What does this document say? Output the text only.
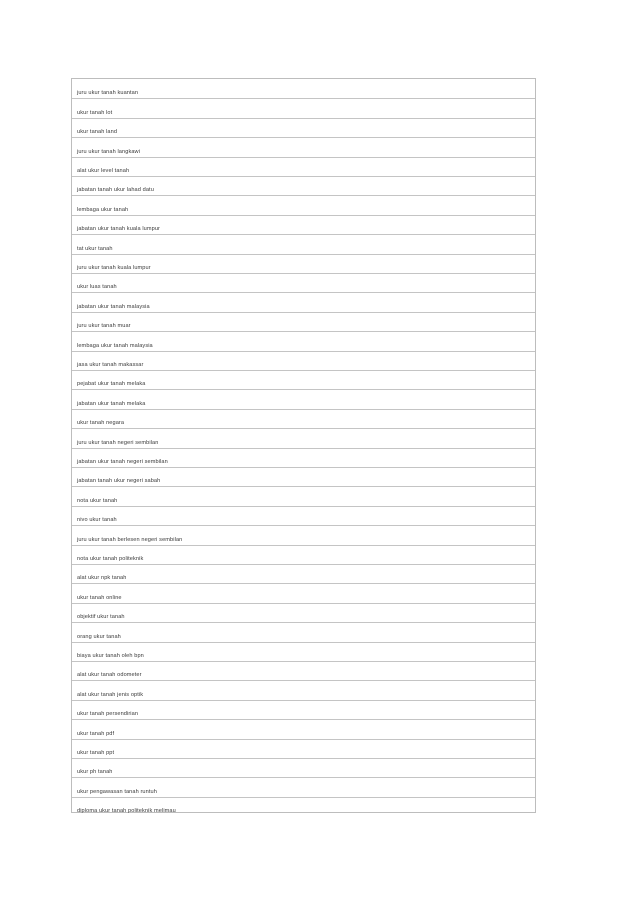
juru ukur tanah kuantan
ukur tanah lot
ukur tanah land
juru ukur tanah langkawi
alat ukur level tanah
jabatan tanah ukur lahad datu
lembaga ukur tanah
jabatan ukur tanah kuala lumpur
tat ukur tanah
juru ukur tanah kuala lumpur
ukur luas tanah
jabatan ukur tanah malaysia
juru ukur tanah muar
lembaga ukur tanah malaysia
jasa ukur tanah makassar
pejabat ukur tanah melaka
jabatan ukur tanah melaka
ukur tanah negara
juru ukur tanah negeri sembilan
jabatan ukur tanah negeri sembilan
jabatan tanah ukur negeri sabah
nota ukur tanah
nivo ukur tanah
juru ukur tanah berlesen negeri sembilan
nota ukur tanah politeknik
alat ukur npk tanah
ukur tanah online
objektif ukur tanah
orang ukur tanah
biaya ukur tanah oleh bpn
alat ukur tanah odometer
alat ukur tanah jenis optik
ukur tanah persendirian
ukur tanah pdf
ukur tanah ppt
ukur ph tanah
ukur pengawasan tanah runtuh
diploma ukur tanah politeknik melimau
